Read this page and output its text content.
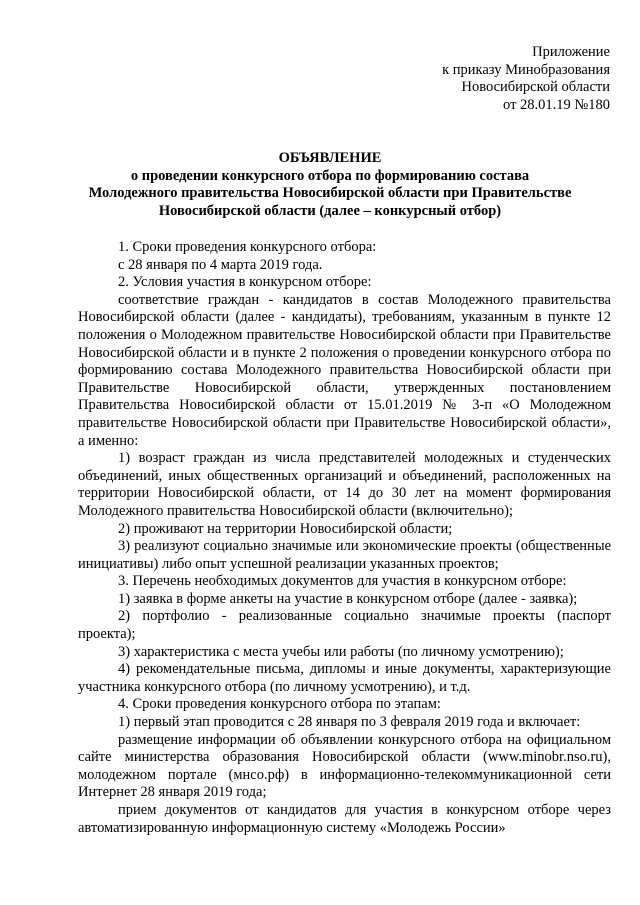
Приложение
к приказу Минобразования
Новосибирской области
от 28.01.19 №180
ОБЪЯВЛЕНИЕ
о проведении конкурсного отбора по формированию состава
Молодежного правительства Новосибирской области при Правительстве
Новосибирской области (далее – конкурсный отбор)

1. Сроки проведения конкурсного отбора:

с 28 января по 4 марта 2019 года.

2. Условия участия в конкурсном отборе:

соответствие граждан - кандидатов в состав Молодежного правительства Новосибирской области (далее - кандидаты), требованиям, указанным в пункте 12 положения о Молодежном правительстве Новосибирской области при Правительстве Новосибирской области и в пункте 2 положения о проведении конкурсного отбора по формированию состава Молодежного правительства Новосибирской области при Правительстве Новосибирской области, утвержденных постановлением Правительства Новосибирской области от 15.01.2019 № 3-п «О Молодежном правительстве Новосибирской области при Правительстве Новосибирской области», а именно:

1) возраст граждан из числа представителей молодежных и студенческих объединений, иных общественных организаций и объединений, расположенных на территории Новосибирской области, от 14 до 30 лет на момент формирования Молодежного правительства Новосибирской области (включительно);

2) проживают на территории Новосибирской области;

3) реализуют социально значимые или экономические проекты (общественные инициативы) либо опыт успешной реализации указанных проектов;

3. Перечень необходимых документов для участия в конкурсном отборе:

1) заявка в форме анкеты на участие в конкурсном отборе (далее - заявка);

2) портфолио - реализованные социально значимые проекты (паспорт проекта);

3) характеристика с места учебы или работы (по личному усмотрению);

4) рекомендательные письма, дипломы и иные документы, характеризующие участника конкурсного отбора (по личному усмотрению), и т.д.

4. Сроки проведения конкурсного отбора по этапам:

1) первый этап проводится с 28 января по 3 февраля 2019 года и включает:

размещение информации об объявлении конкурсного отбора на официальном сайте министерства образования Новосибирской области (www.minobr.nso.ru), молодежном портале (мнсо.рф) в информационно-телекоммуникационной сети Интернет 28 января 2019 года;

прием документов от кандидатов для участия в конкурсном отборе через автоматизированную информационную систему «Молодежь России»
